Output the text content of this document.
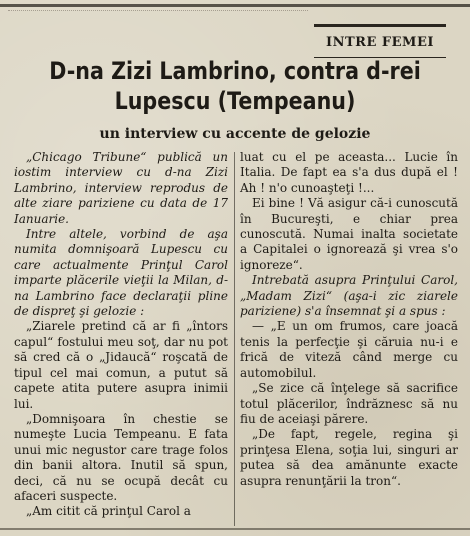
INTRE FEMEI
D-na Zizi Lambrino, contra d-rei
Lupescu (Tempeanu)
un interview cu accente de gelozie

„Chicago Tribune“ publică un iostim interview cu d-na Zizi Lambrino, interview reprodus de alte ziare pariziene cu data de 17 Ianuarie.

Intre altele, vorbind de aşa numita domnişoară Lupescu cu care actualmente Prinţul Carol imparte plăcerile vieţii la Milan, d-na Lambrino face declaraţii pline de dispreţ şi gelozie :

„Ziarele pretind că ar fi „întors capul“ fostului meu soţ, dar nu pot să cred că o „Jidaucă“ roşcată de tipul cel mai comun, a putut să capete atita putere asupra inimii lui.

„Domnişoara în chestie se numeşte Lucia Tempeanu. E fata unui mic negustor care trage folos din banii altora. Inutil să spun, deci, că nu se ocupă decât cu afaceri suspecte.

„Am citit că prinţul Carol a

luat cu el pe aceasta... Lucie în Italia. De fapt ea s'a dus după el ! Ah ! n'o cunoaşteţi !...

Ei bine ! Vă asigur că-i cunoscută în Bucureşti, e chiar prea cunoscută. Numai inalta societate a Capitalei o ignorează şi vrea s'o ignoreze“.

Intrebată asupra Prinţului Carol, „Madam Zizi“ (aşa-i zic ziarele pariziene) s'a însemnat şi a spus :

— „E un om frumos, care joacă tenis la perfecţie şi căruia nu-i e frică de viteză când merge cu automobilul.

„Se zice că înţelege să sacrifice totul plăcerilor, îndrăznesc să nu fiu de aceiaşi părere.

„De fapt, regele, regina şi prinţesa Elena, soţia lui, singuri ar putea să dea amănunte exacte asupra renunţării la tron“.
